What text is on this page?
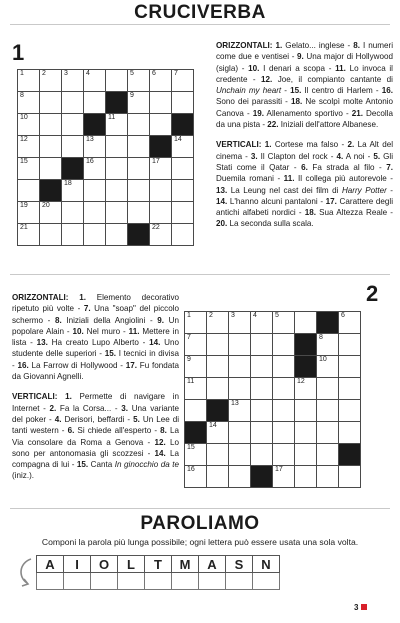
CRUCIVERBA
1
1	2	3	4		5	6	7

8					9		

10				11			

12			13				14

15			16			17	

		18					

19	20						

21						22	

ORIZZONTALI: 1. Gelato... inglese - 8. I numeri come due e ventisei - 9. Una major di Hollywood (sigla) - 10. I denari a scopa - 11. Lo invoca il credente - 12. Joe, il compianto cantante di Unchain my heart - 15. Il centro di Harlem - 16. Sono dei parassiti - 18. Ne scolpì molte Antonio Canova - 19. Allenamento sportivo - 21. Decolla da una pista - 22. Iniziali dell'attore Albanese.
VERTICALI: 1. Cortese ma falso - 2. La Alt del cinema - 3. Il Clapton del rock - 4. A noi - 5. Gli Stati come il Qatar - 6. Fa strada al filo - 7. Duemila romani - 11. Il collega più autorevole - 13. La Leung nel cast dei film di Harry Potter - 14. L'hanno alcuni pantaloni - 17. Carattere degli antichi alfabeti nordici - 18. Sua Altezza Reale - 20. La seconda sulla scala.
2
ORIZZONTALI: 1. Elemento decorativo ripetuto più volte - 7. Una "soap" del piccolo schermo - 8. Iniziali della Angiolini - 9. Un popolare Alain - 10. Nel muro - 11. Mettere in lista - 13. Ha creato Lupo Alberto - 14. Uno studente delle superiori - 15. I tecnici in divisa - 16. La Farrow di Hollywood - 17. Fu fondata da Giovanni Agnelli.
VERTICALI: 1. Permette di navigare in Internet - 2. Fa la Corsa... - 3. Una variante del poker - 4. Derisori, beffardi - 5. Un Lee di tanti western - 6. Si chiede all'esperto - 8. La Via consolare da Roma a Genova - 12. Lo sono per antonomasia gli scozzesi - 14. La compagna di lui - 15. Canta In ginocchio da te (iniz.).
1	2	3	4	5			6

7						8	

9						10	

11					12		

		13					

	14						

15							

16				17			

PAROLIAMO
Componi la parola più lunga possibile; ogni lettera può essere usata una sola volta.
A	I	O	L	T	M	A	S	N

3
